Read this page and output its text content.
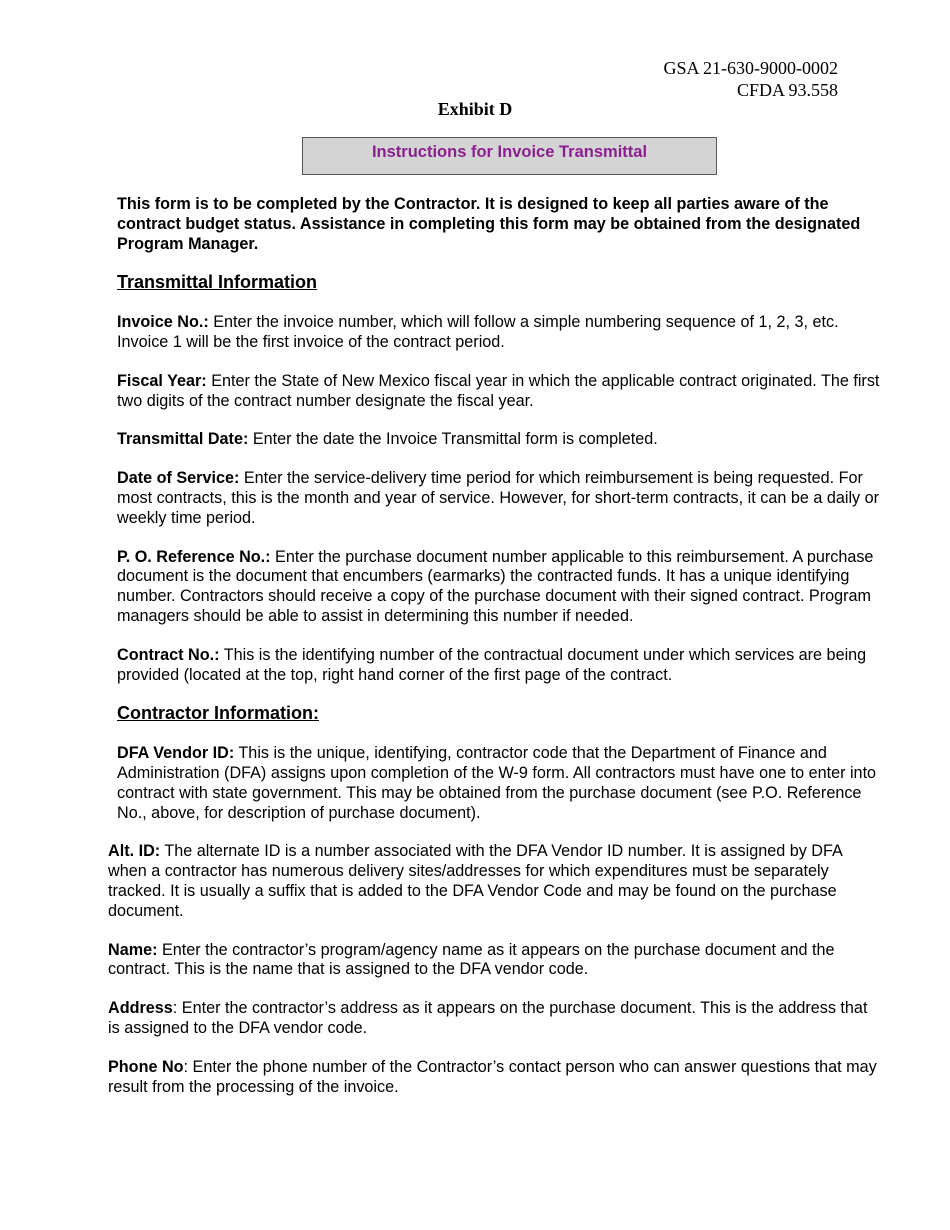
GSA 21-630-9000-0002
CFDA 93.558
Exhibit D
Instructions for Invoice Transmittal

This form is to be completed by the Contractor. It is designed to keep all parties aware of the contract budget status. Assistance in completing this form may be obtained from the designated Program Manager.

Transmittal Information

Invoice No.: Enter the invoice number, which will follow a simple numbering sequence of 1, 2, 3, etc. Invoice 1 will be the first invoice of the contract period.

Fiscal Year: Enter the State of New Mexico fiscal year in which the applicable contract originated. The first two digits of the contract number designate the fiscal year.

Transmittal Date: Enter the date the Invoice Transmittal form is completed.

Date of Service: Enter the service-delivery time period for which reimbursement is being requested. For most contracts, this is the month and year of service. However, for short-term contracts, it can be a daily or weekly time period.

P. O. Reference No.: Enter the purchase document number applicable to this reimbursement. A purchase document is the document that encumbers (earmarks) the contracted funds. It has a unique identifying number. Contractors should receive a copy of the purchase document with their signed contract. Program managers should be able to assist in determining this number if needed.

Contract No.: This is the identifying number of the contractual document under which services are being provided (located at the top, right hand corner of the first page of the contract.

Contractor Information:

DFA Vendor ID: This is the unique, identifying, contractor code that the Department of Finance and Administration (DFA) assigns upon completion of the W-9 form. All contractors must have one to enter into contract with state government. This may be obtained from the purchase document (see P.O. Reference No., above, for description of purchase document).

Alt. ID: The alternate ID is a number associated with the DFA Vendor ID number. It is assigned by DFA when a contractor has numerous delivery sites/addresses for which expenditures must be separately tracked. It is usually a suffix that is added to the DFA Vendor Code and may be found on the purchase document.

Name: Enter the contractor’s program/agency name as it appears on the purchase document and the contract. This is the name that is assigned to the DFA vendor code.

Address: Enter the contractor’s address as it appears on the purchase document. This is the address that is assigned to the DFA vendor code.

Phone No: Enter the phone number of the Contractor’s contact person who can answer questions that may result from the processing of the invoice.
